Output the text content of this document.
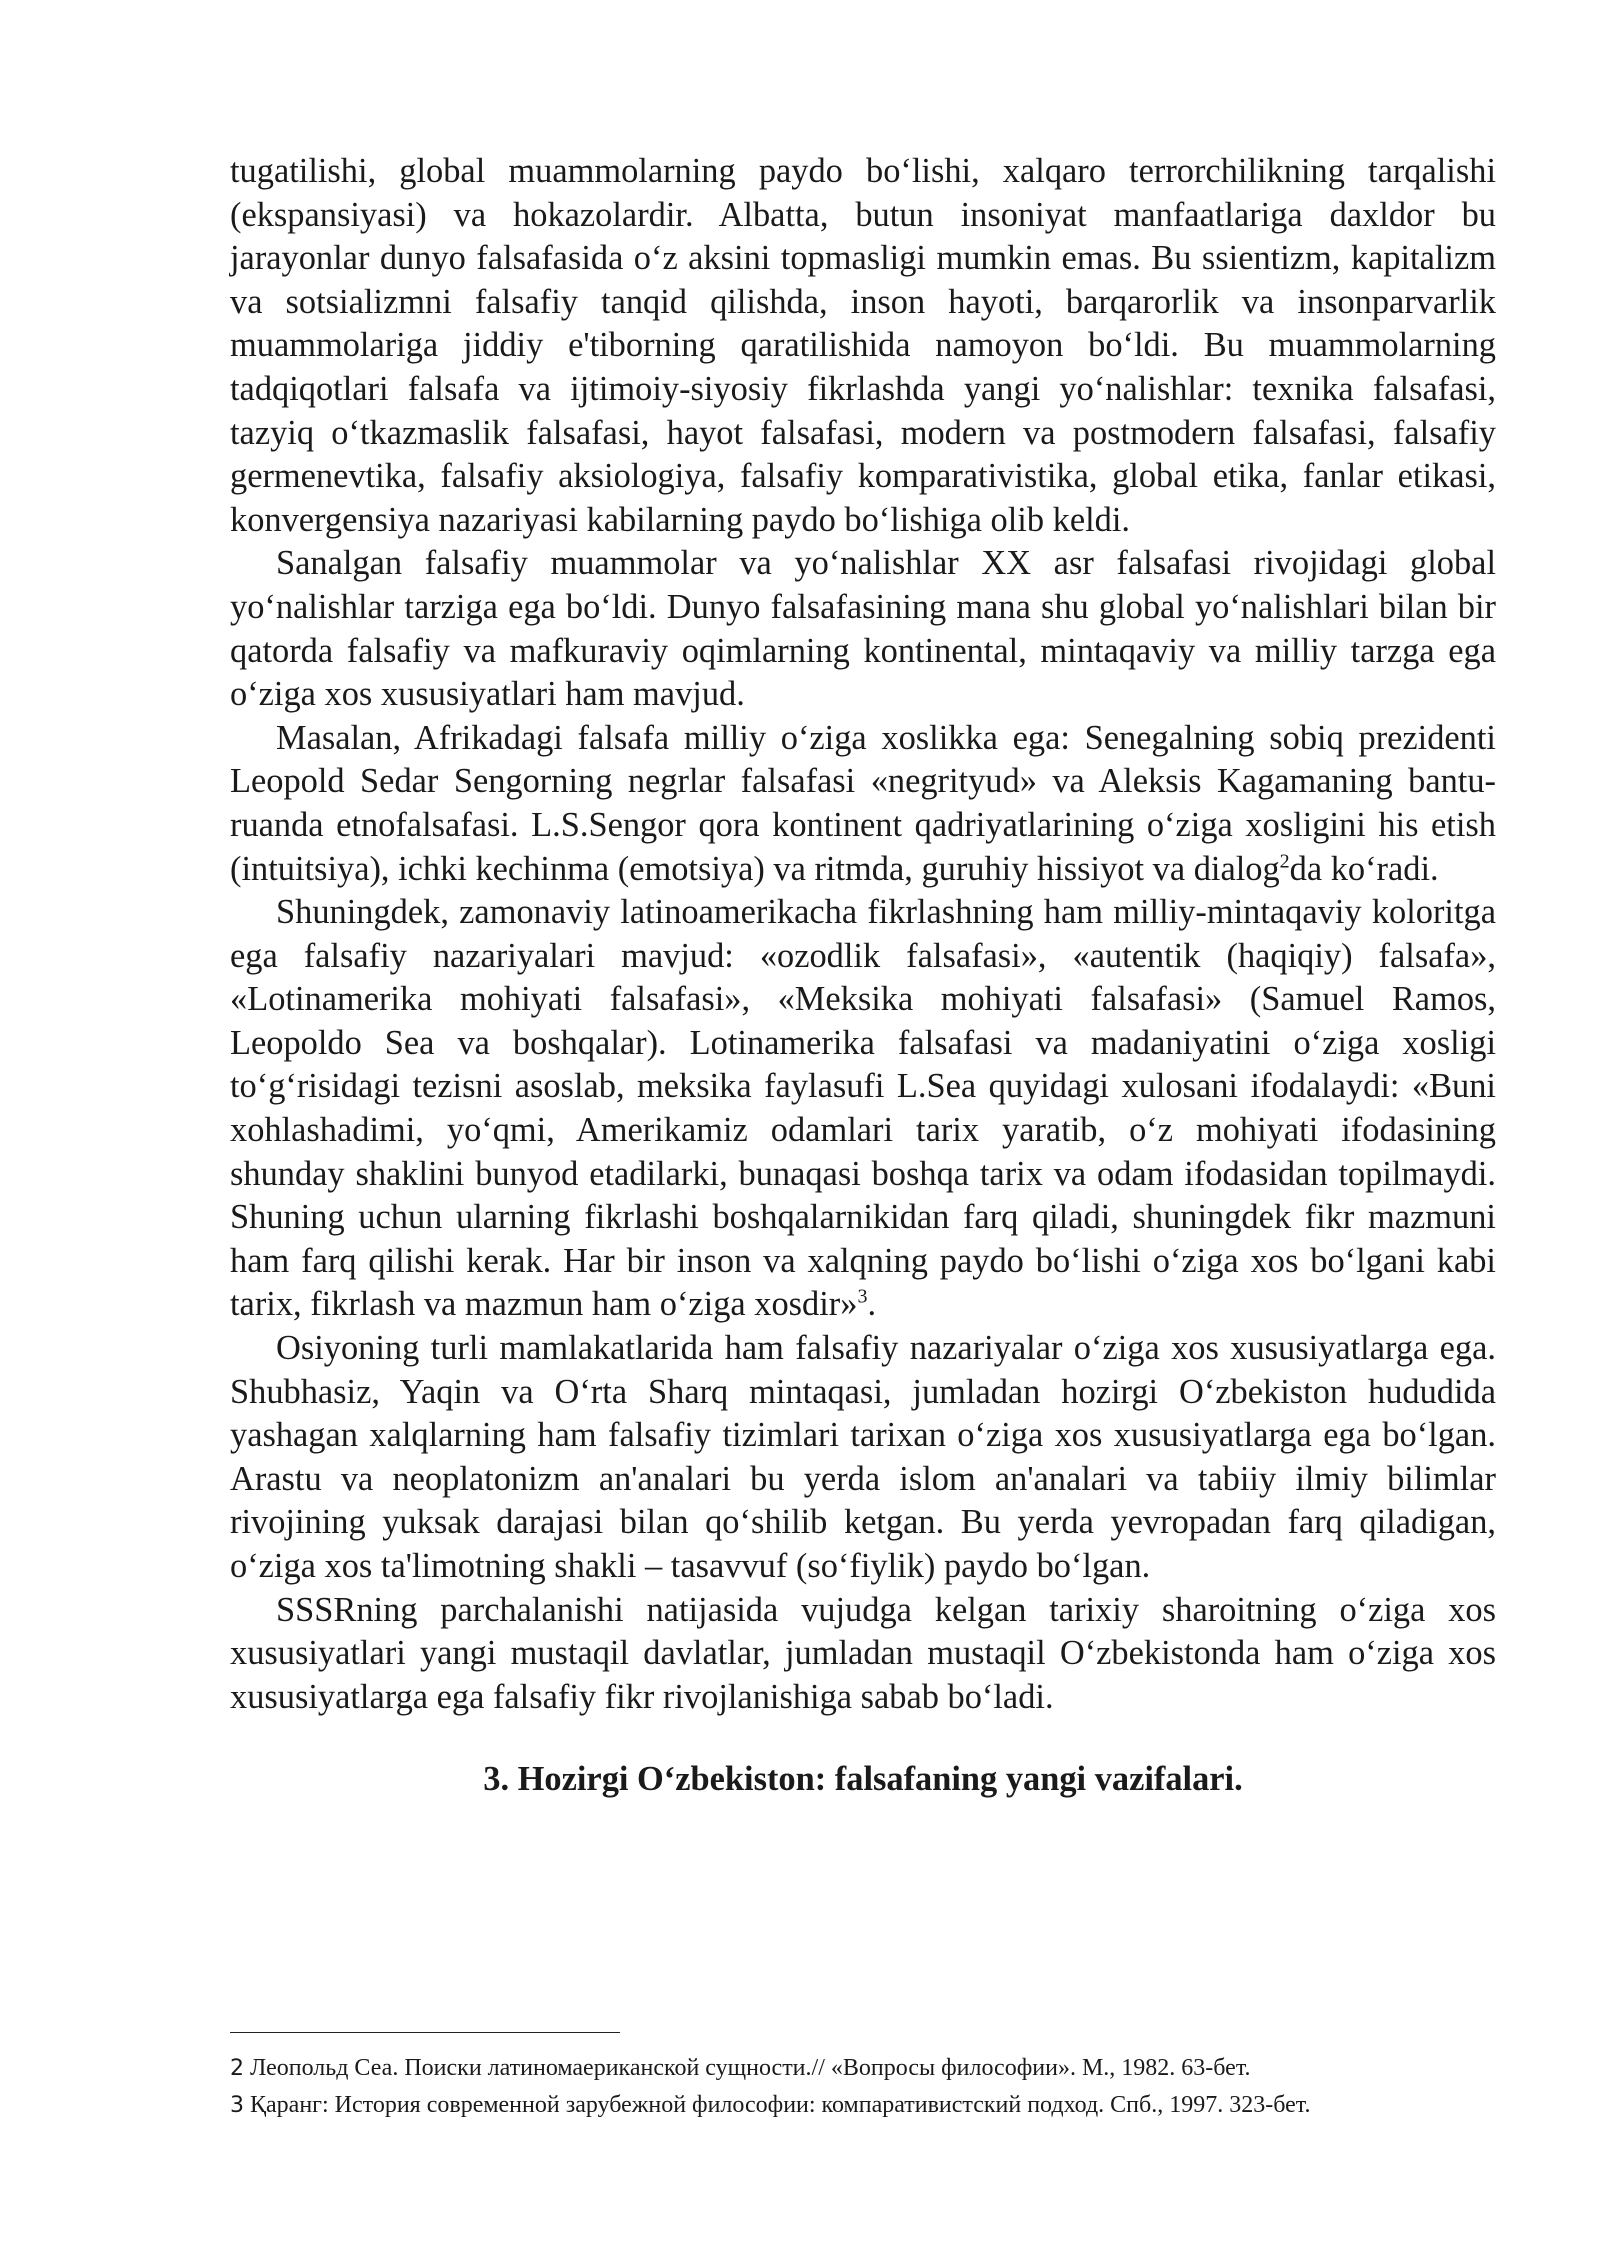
tugatilishi, global muammolarning paydo bo‘lishi, xalqaro terrorchilikning tarqalishi (ekspansiyasi) va hokazolardir. Albatta, butun insoniyat manfaatlariga daxldor bu jarayonlar dunyo falsafasida o‘z aksini topmasligi mumkin emas. Bu ssientizm, kapitalizm va sotsializmni falsafiy tanqid qilishda, inson hayoti, barqarorlik va insonparvarlik muammolariga jiddiy e'tiborning qaratilishida namoyon bo‘ldi. Bu muammolarning tadqiqotlari falsafa va ijtimoiy-siyosiy fikrlashda yangi yo‘nalishlar: texnika falsafasi, tazyiq o‘tkazmaslik falsafasi, hayot falsafasi, modern va postmodern falsafasi, falsafiy germenevtika, falsafiy aksiologiya, falsafiy komparativistika, global etika, fanlar etikasi, konvergensiya nazariyasi kabilarning paydo bo‘lishiga olib keldi.

Sanalgan falsafiy muammolar va yo‘nalishlar XX asr falsafasi rivojidagi global yo‘nalishlar tarziga ega bo‘ldi. Dunyo falsafasining mana shu global yo‘nalishlari bilan bir qatorda falsafiy va mafkuraviy oqimlarning kontinental, mintaqaviy va milliy tarzga ega o‘ziga xos xususiyatlari ham mavjud.

Masalan, Afrikadagi falsafa milliy o‘ziga xoslikka ega: Senegalning sobiq prezidenti Leopold Sedar Sengorning negrlar falsafasi «negrityud» va Aleksis Kagamaning bantu-ruanda etnofalsafasi. L.S.Sengor qora kontinent qadriyatlarining o‘ziga xosligini his etish (intuitsiya), ichki kechinma (emotsiya) va ritmda, guruhiy hissiyot va dialog$^2$da ko‘radi.

Shuningdek, zamonaviy latinoamerikacha fikrlashning ham milliy-mintaqaviy koloritga ega falsafiy nazariyalari mavjud: «ozodlik falsafasi», «autentik (haqiqiy) falsafa», «Lotinamerika mohiyati falsafasi», «Meksika mohiyati falsafasi» (Samuel Ramos, Leopoldo Sea va boshqalar). Lotinamerika falsafasi va madaniyatini o‘ziga xosligi to‘g‘risidagi tezisni asoslab, meksika faylasufi L.Sea quyidagi xulosani ifodalaydi: «Buni xohlashadimi, yo‘qmi, Amerikamiz odamlari tarix yaratib, o‘z mohiyati ifodasining shunday shaklini bunyod etadilarki, bunaqasi boshqa tarix va odam ifodasidan topilmaydi. Shuning uchun ularning fikrlashi boshqalarnikidan farq qiladi, shuningdek fikr mazmuni ham farq qilishi kerak. Har bir inson va xalqning paydo bo‘lishi o‘ziga xos bo‘lgani kabi tarix, fikrlash va mazmun ham o‘ziga xosdir»$^3$.

Osiyoning turli mamlakatlarida ham falsafiy nazariyalar o‘ziga xos xususiyatlarga ega. Shubhasiz, Yaqin va O‘rta Sharq mintaqasi, jumladan hozirgi O‘zbekiston hududida yashagan xalqlarning ham falsafiy tizimlari tarixan o‘ziga xos xususiyatlarga ega bo‘lgan. Arastu va neoplatonizm an'analari bu yerda islom an'analari va tabiiy ilmiy bilimlar rivojining yuksak darajasi bilan qo‘shilib ketgan. Bu yerda yevropadan farq qiladigan, o‘ziga xos ta'limotning shakli – tasavvuf (so‘fiylik) paydo bo‘lgan.

SSSRning parchalanishi natijasida vujudga kelgan tarixiy sharoitning o‘ziga xos xususiyatlari yangi mustaqil davlatlar, jumladan mustaqil O‘zbekistonda ham o‘ziga xos xususiyatlarga ega falsafiy fikr rivojlanishiga sabab bo‘ladi.

3. Hozirgi O‘zbekiston: falsafaning yangi vazifalari.

2 Леопольд Сеа. Поиски латиномаериканской сущности.// «Вопросы философии». М., 1982. 63-бет.

3 Қаранг: История современной зарубежной философии: компаративистский подход. Спб., 1997. 323-бет.
